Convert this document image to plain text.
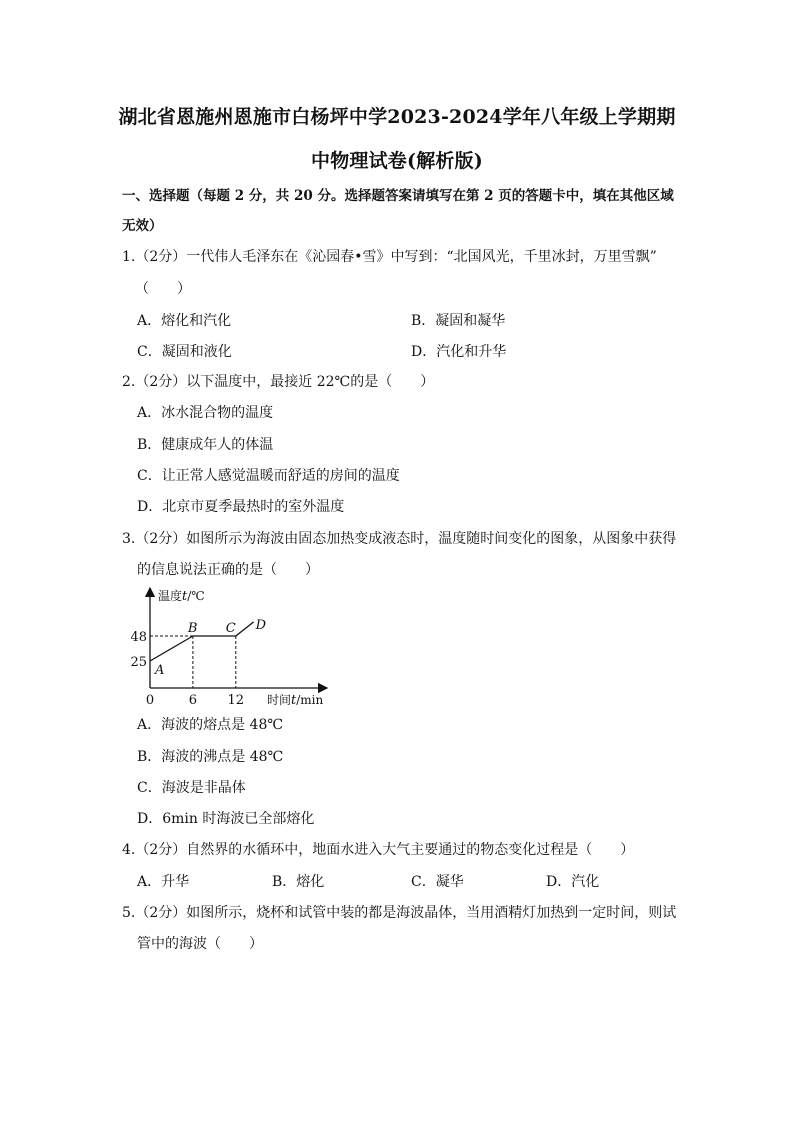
湖北省恩施州恩施市白杨坪中学2023-2024学年八年级上学期期
中物理试卷(解析版)
一、选择题（每题 2 分，共 20 分。选择题答案请填写在第 2 页的答题卡中，填在其他区域
无效）
1.（2分）一代伟人毛泽东在《沁园春•雪》中写到：“北国风光，千里冰封，万里雪飘”
（　　）
A．熔化和汽化	B．凝固和凝华
C．凝固和液化	D．汽化和升华
2.（2分）以下温度中，最接近 22℃的是（　　）
A．冰水混合物的温度
B．健康成年人的体温
C．让正常人感觉温暖而舒适的房间的温度
D．北京市夏季最热时的室外温度
3.（2分）如图所示为海波由固态加热变成液态时，温度随时间变化的图象，从图象中获得
的信息说法正确的是（　　）
温度t/℃
时间t/min
48
25
0	6 12
A
B C D
A．海波的熔点是 48℃
B．海波的沸点是 48℃
C．海波是非晶体
D．6min 时海波已全部熔化
4.（2分）自然界的水循环中，地面水进入大气主要通过的物态变化过程是（　　）
A．升华	B．熔化	C．凝华	D．汽化
5.（2分）如图所示，烧杯和试管中装的都是海波晶体，当用酒精灯加热到一定时间，则试
管中的海波（　　）
